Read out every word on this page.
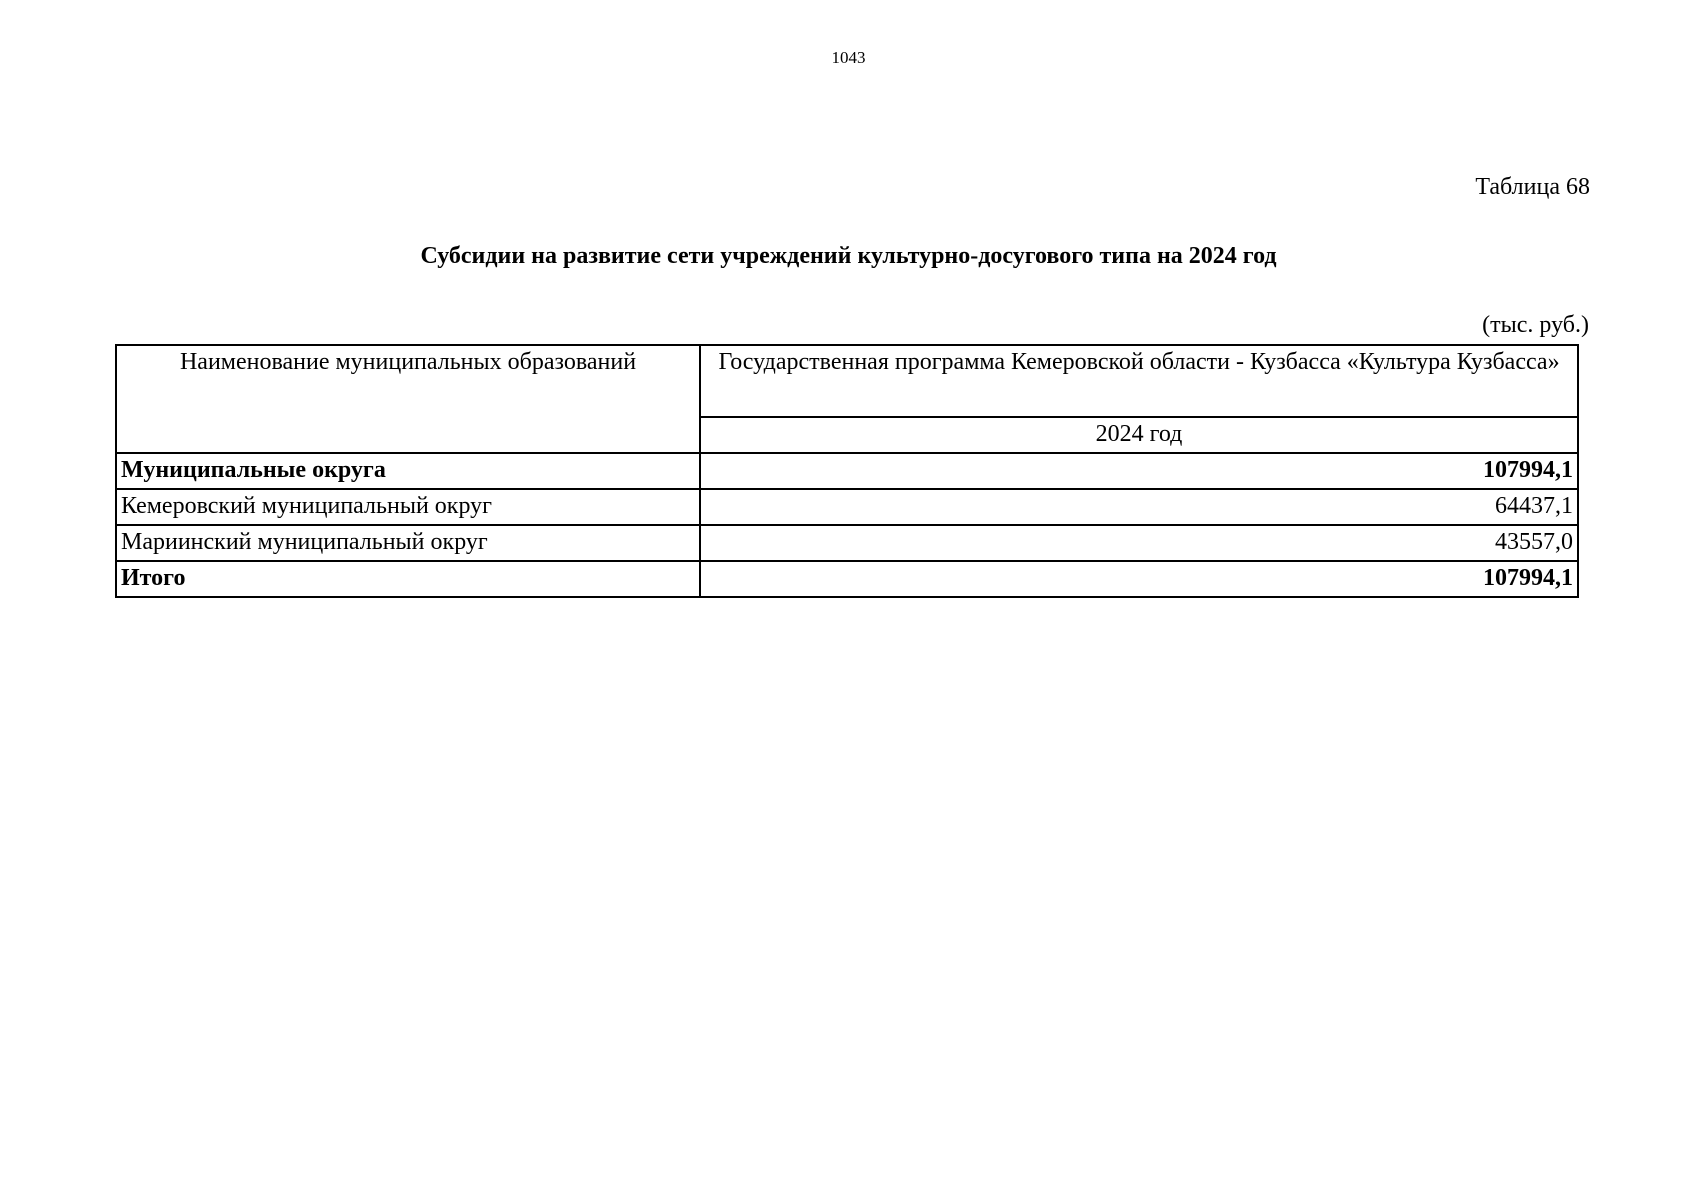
1043
Таблица 68
Субсидии на развитие сети учреждений культурно-досугового типа на 2024 год
(тыс. руб.)
Наименование муниципальных образований	Государственная программа Кемеровской области - Кузбасса «Культура Кузбасса»
	2024 год
Муниципальные округа	107994,1
Кемеровский муниципальный округ	64437,1
Мариинский муниципальный округ	43557,0
Итого	107994,1
